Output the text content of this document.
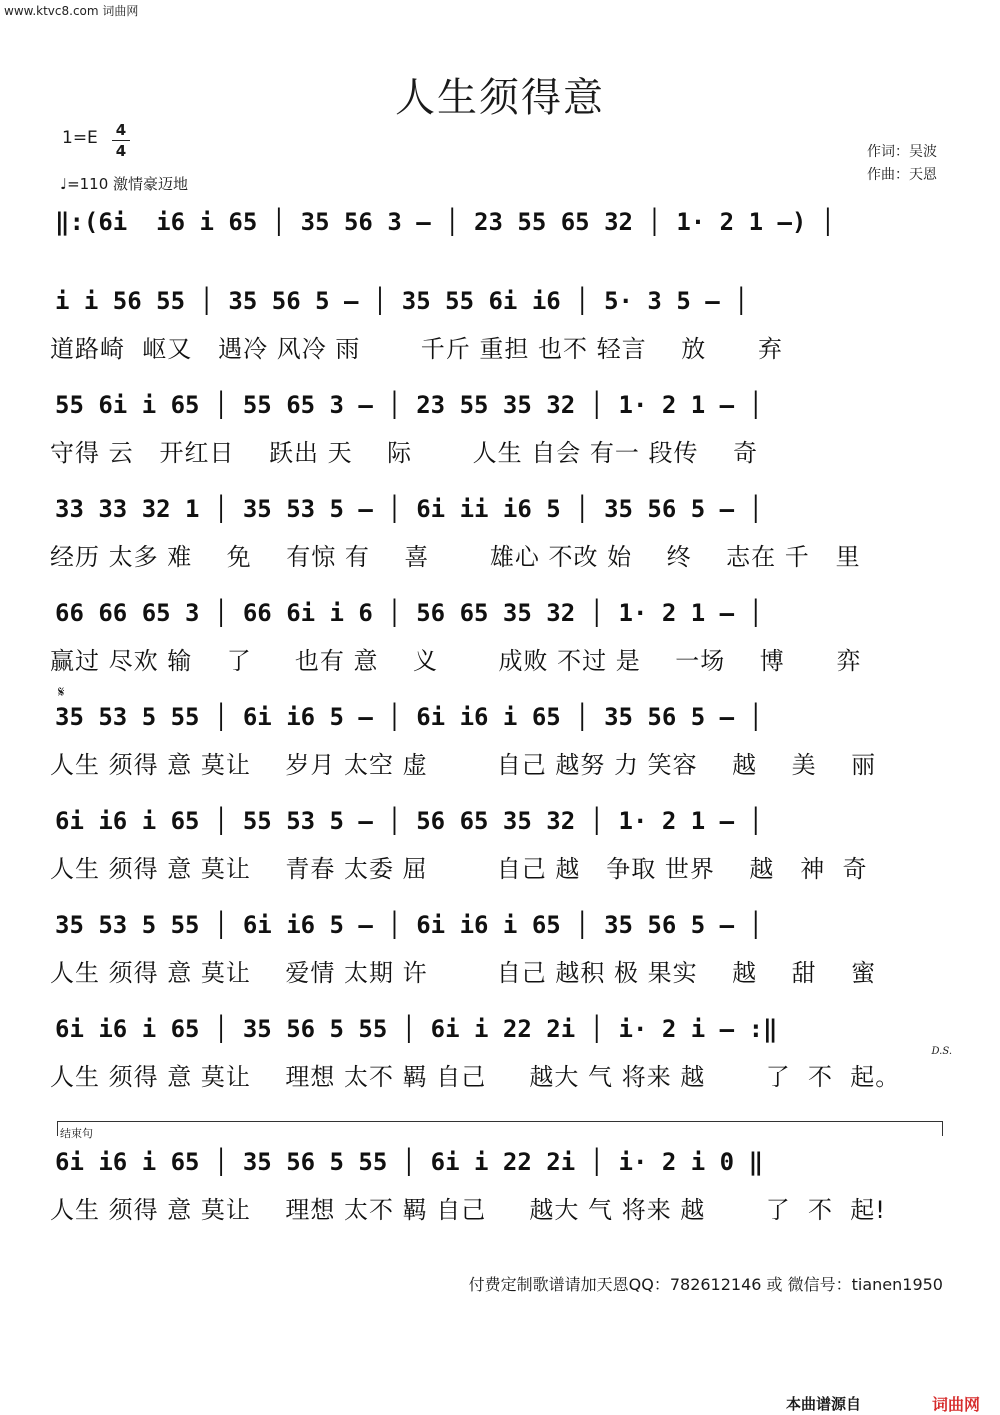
www.ktvc8.com 词曲网
人生须得意
$1=E \frac{4}{4}$
♩=110 激情豪迈地
作词：吴波
作曲：天恩
𝄋
D.S.
结束句
‖:(6i  i6 i 65 │ 35 56 3 – │ 23 55 65 32 │ 1· 2 1 –) │
i i 56 55 │ 35 56 5 – │ 35 55 6i i6 │ 5· 3 5 – │
道路崎  岖又   遇冷 风冷 雨       千斤 重担 也不 轻言    放      弃
55 6i i 65 │ 55 65 3 – │ 23 55 35 32 │ 1· 2 1 – │
守得 云   开红日    跃出 天    际       人生 自会 有一 段传    奇
33 33 32 1 │ 35 53 5 – │ 6i ii i6 5 │ 35 56 5 – │
经历 太多 难    免    有惊 有    喜       雄心 不改 始    终    志在 千   里
66 66 65 3 │ 66 6i i 6 │ 56 65 35 32 │ 1· 2 1 – │
赢过 尽欢 输    了     也有 意    义       成败 不过 是    一场    博      弈
35 53 5 55 │ 6i i6 5 – │ 6i i6 i 65 │ 35 56 5 – │
人生 须得 意 莫让    岁月 太空 虚        自己 越努 力 笑容    越    美    丽
6i i6 i 65 │ 55 53 5 – │ 56 65 35 32 │ 1· 2 1 – │
人生 须得 意 莫让    青春 太委 屈        自己 越   争取 世界    越   神  奇
35 53 5 55 │ 6i i6 5 – │ 6i i6 i 65 │ 35 56 5 – │
人生 须得 意 莫让    爱情 太期 许        自己 越积 极 果实    越    甜    蜜
6i i6 i 65 │ 35 56 5 55 │ 6i i 22 2i │ i· 2 i – :‖
人生 须得 意 莫让    理想 太不 羁 自己     越大 气 将来 越       了  不  起。
6i i6 i 65 │ 35 56 5 55 │ 6i i 22 2i │ i· 2 i 0 ‖
人生 须得 意 莫让    理想 太不 羁 自己     越大 气 将来 越       了  不  起!
付费定制歌谱请加天恩QQ：782612146 或 微信号：tianen1950
本曲谱源自	词曲网
